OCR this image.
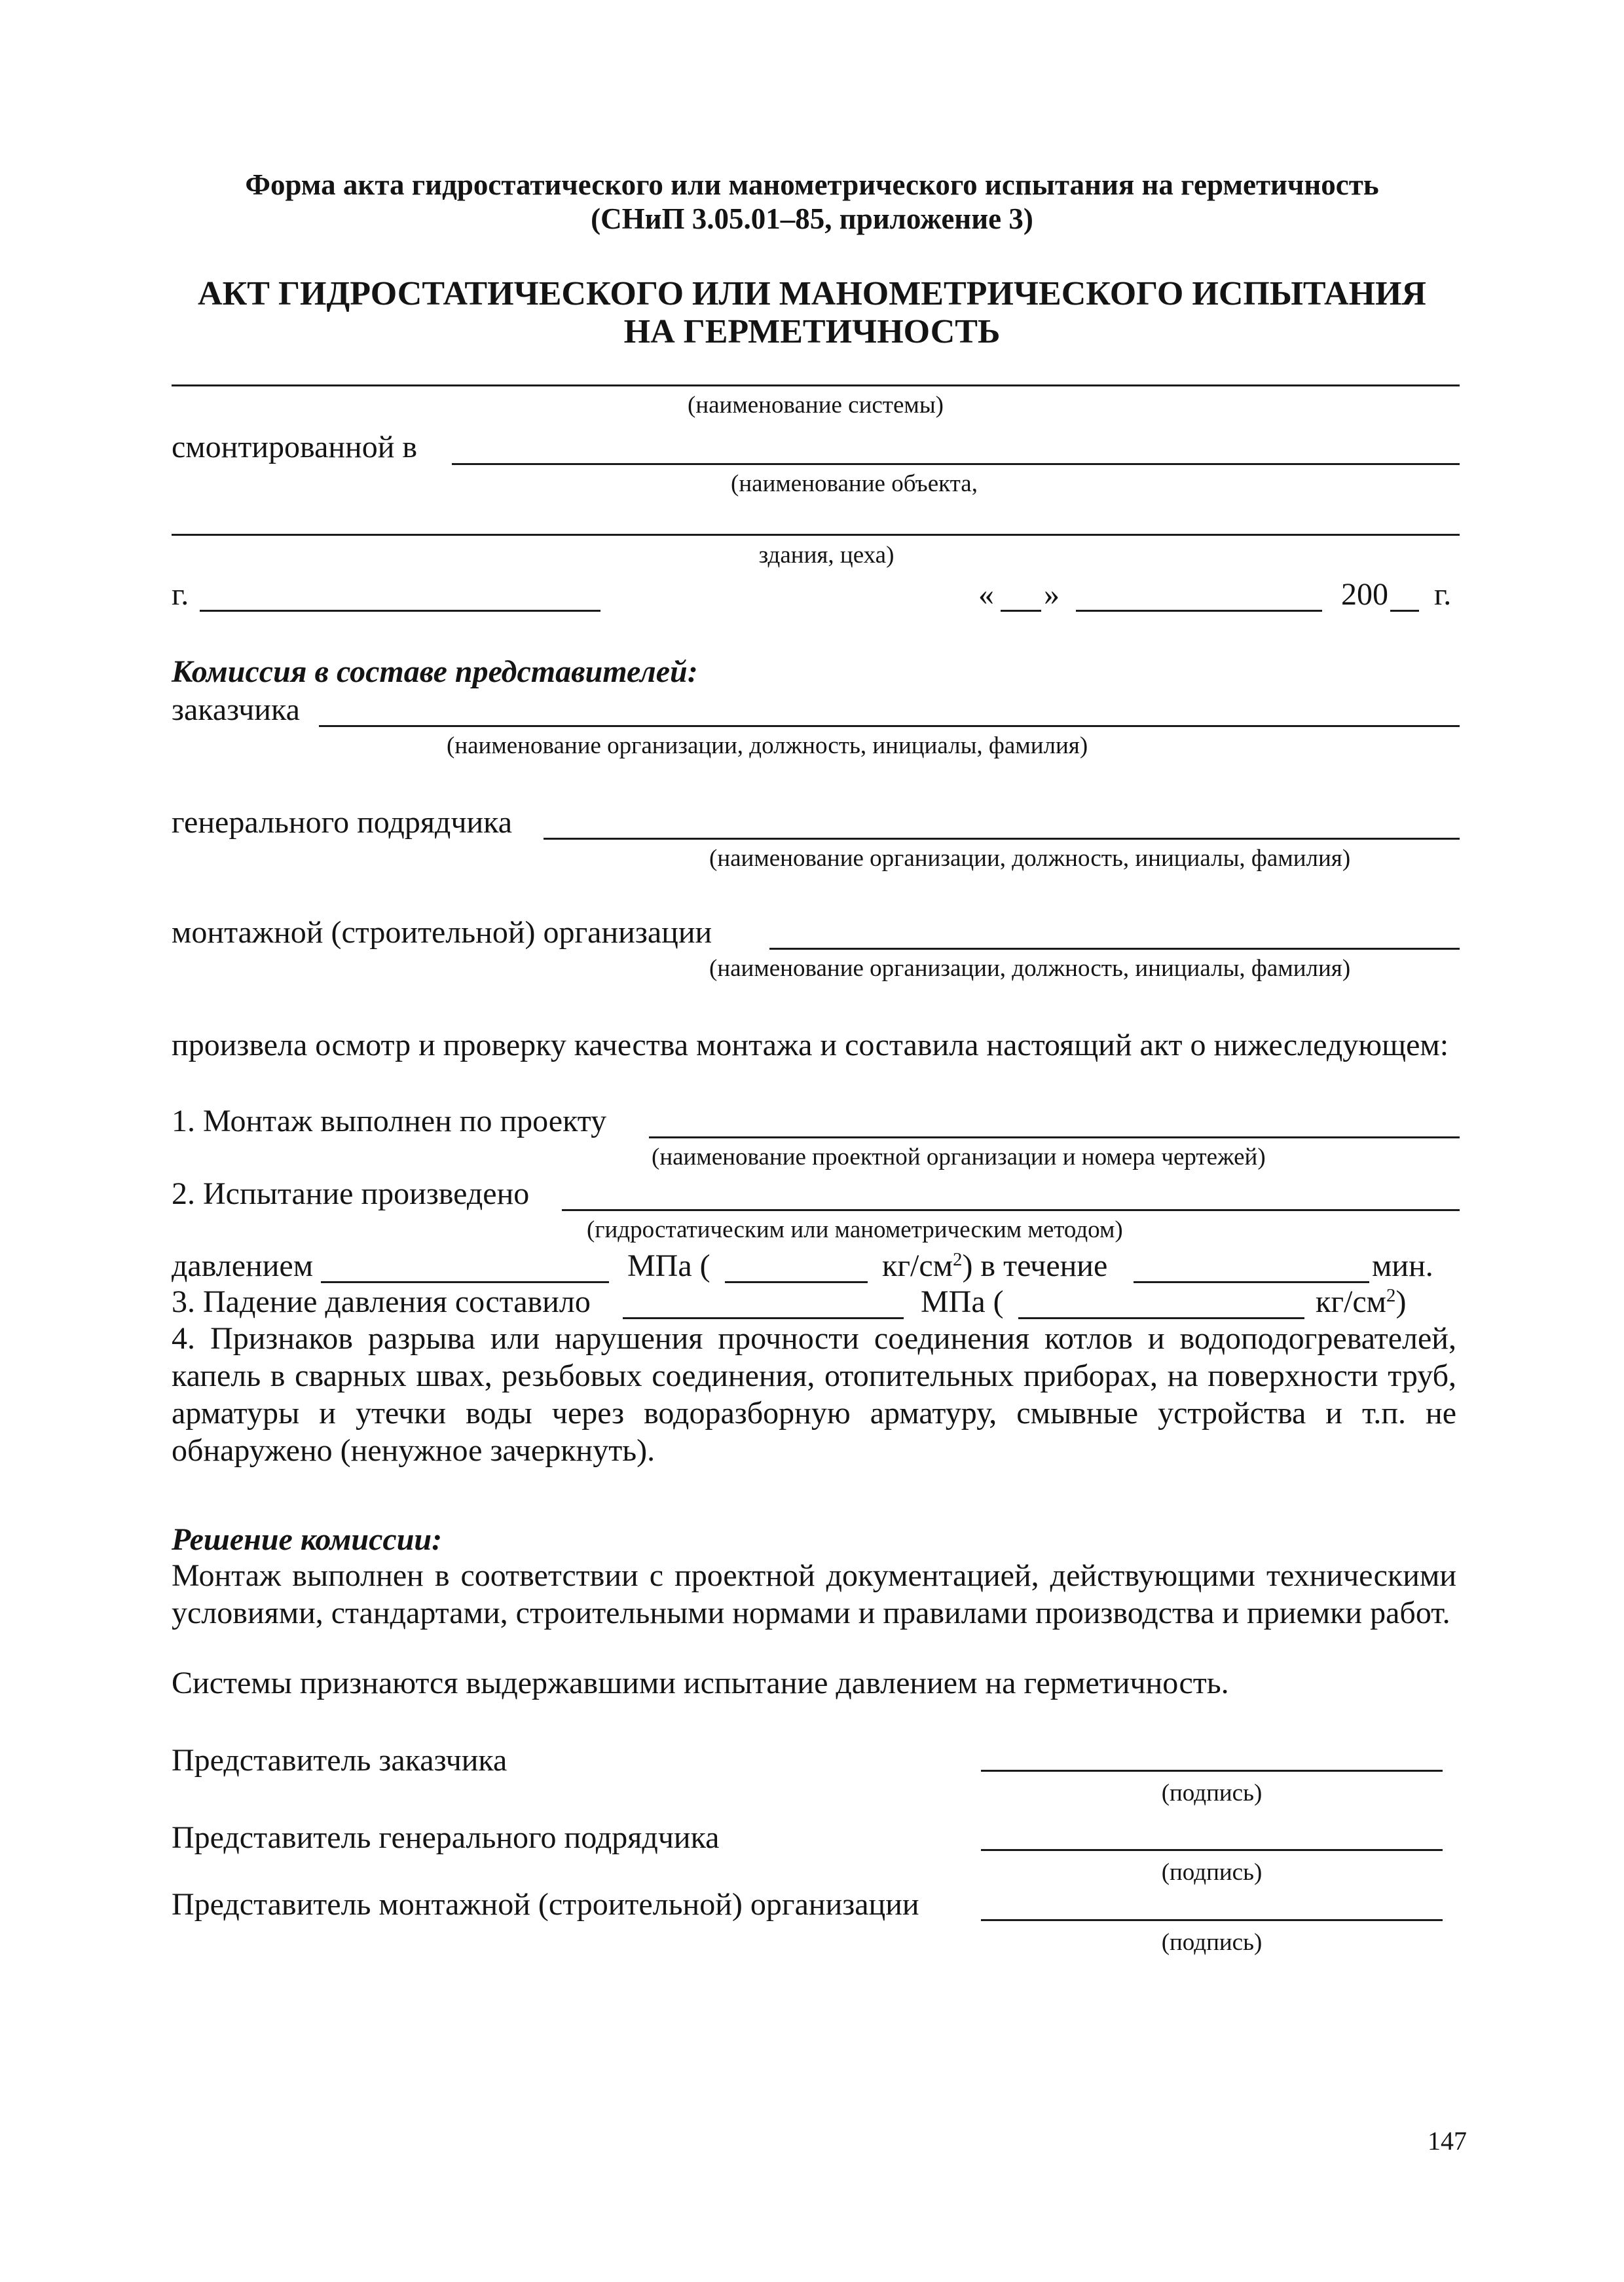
Форма акта гидростатического или манометрического испытания на герметичность
(СНиП 3.05.01–85, приложение 3)
АКТ ГИДРОСТАТИЧЕСКОГО ИЛИ МАНОМЕТРИЧЕСКОГО ИСПЫТАНИЯ
НА ГЕРМЕТИЧНОСТЬ
(наименование системы)
смонтированной в
(наименование объекта,
здания, цеха)
г.	« »	200 г.
Комиссия в составе представителей:
заказчика
(наименование организации, должность, инициалы, фамилия)
генерального подрядчика
(наименование организации, должность, инициалы, фамилия)
монтажной (строительной) организации
(наименование организации, должность, инициалы, фамилия)
произвела осмотр и проверку качества монтажа и составила настоящий акт о нижеследующем:
1. Монтаж выполнен по проекту
(наименование проектной организации и номера чертежей)
2. Испытание произведено
(гидростатическим или манометрическим методом)
давлением	МПа (	$кг/см^2$) в течение	мин.
3. Падение давления составило	МПа (	$кг/см^2$)
4. Признаков разрыва или нарушения прочности соединения котлов и водоподогревателей, капель в сварных швах, резьбовых соединения, отопительных приборах, на поверхности труб, арматуры и утечки воды через водоразборную арматуру, смывные устройства и т.п. не обнаружено (ненужное зачеркнуть).
Решение комиссии:
Монтаж выполнен в соответствии с проектной документацией, действующими техническими условиями, стандартами, строительными нормами и правилами производства и приемки работ.
Системы признаются выдержавшими испытание давлением на герметичность.
Представитель заказчика
(подпись)
Представитель генерального подрядчика
(подпись)
Представитель монтажной (строительной) организации
(подпись)
147
